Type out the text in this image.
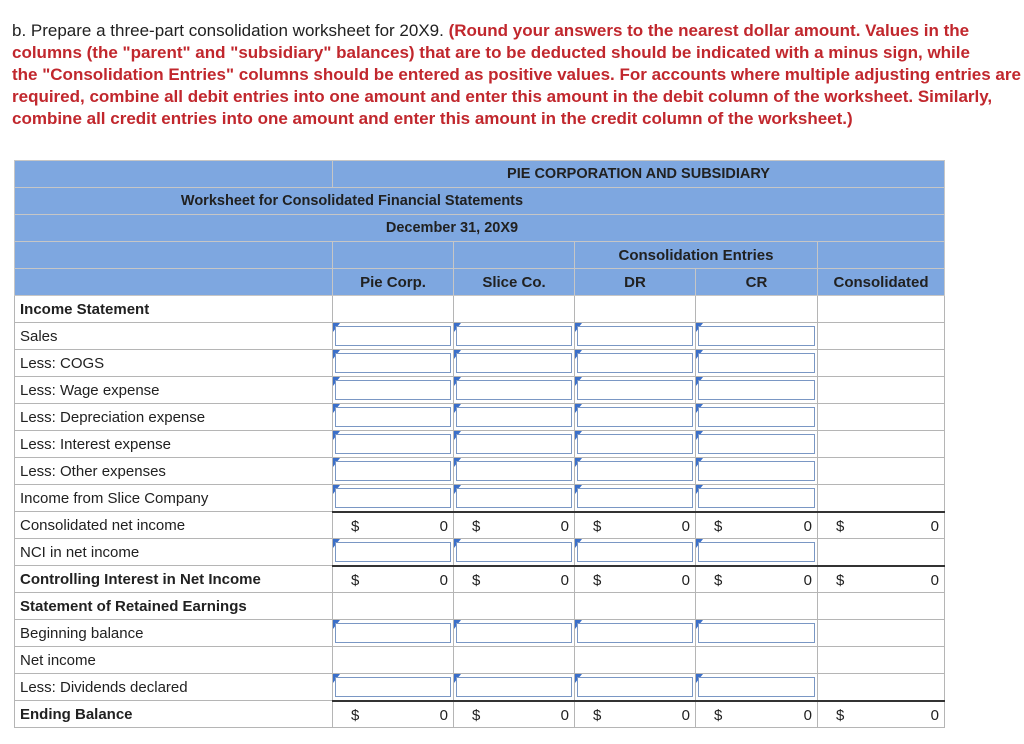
b. Prepare a three-part consolidation worksheet for 20X9. (Round your answers to the nearest dollar amount. Values in the
columns (the "parent" and "subsidiary" balances) that are to be deducted should be indicated with a minus sign, while
the "Consolidation Entries" columns should be entered as positive values. For accounts where multiple adjusting entries are
required, combine all debit entries into one amount and enter this amount in the debit column of the worksheet. Similarly,
combine all credit entries into one amount and enter this amount in the credit column of the worksheet.)
	PIE CORPORATION AND SUBSIDIARY				
Worksheet for Consolidated Financial Statements					
December 31, 20X9					
			Consolidation Entries		
	Pie Corp.	Slice Co.	DR	CR	Consolidated
Income Statement					
Sales	

Less: COGS	

Less: Wage expense	

Less: Depreciation expense	

Less: Interest expense	

Less: Other expenses	

Income from Slice Company	

Consolidated net income	$ 0	$ 0	$ 0	$ 0	$ 0

NCI in net income	

Controlling Interest in Net Income	$ 0	$ 0	$ 0	$ 0	$ 0

Statement of Retained Earnings					
Beginning balance	

Net income					
Less: Dividends declared	

Ending Balance	$ 0	$ 0	$ 0	$ 0	$ 0
